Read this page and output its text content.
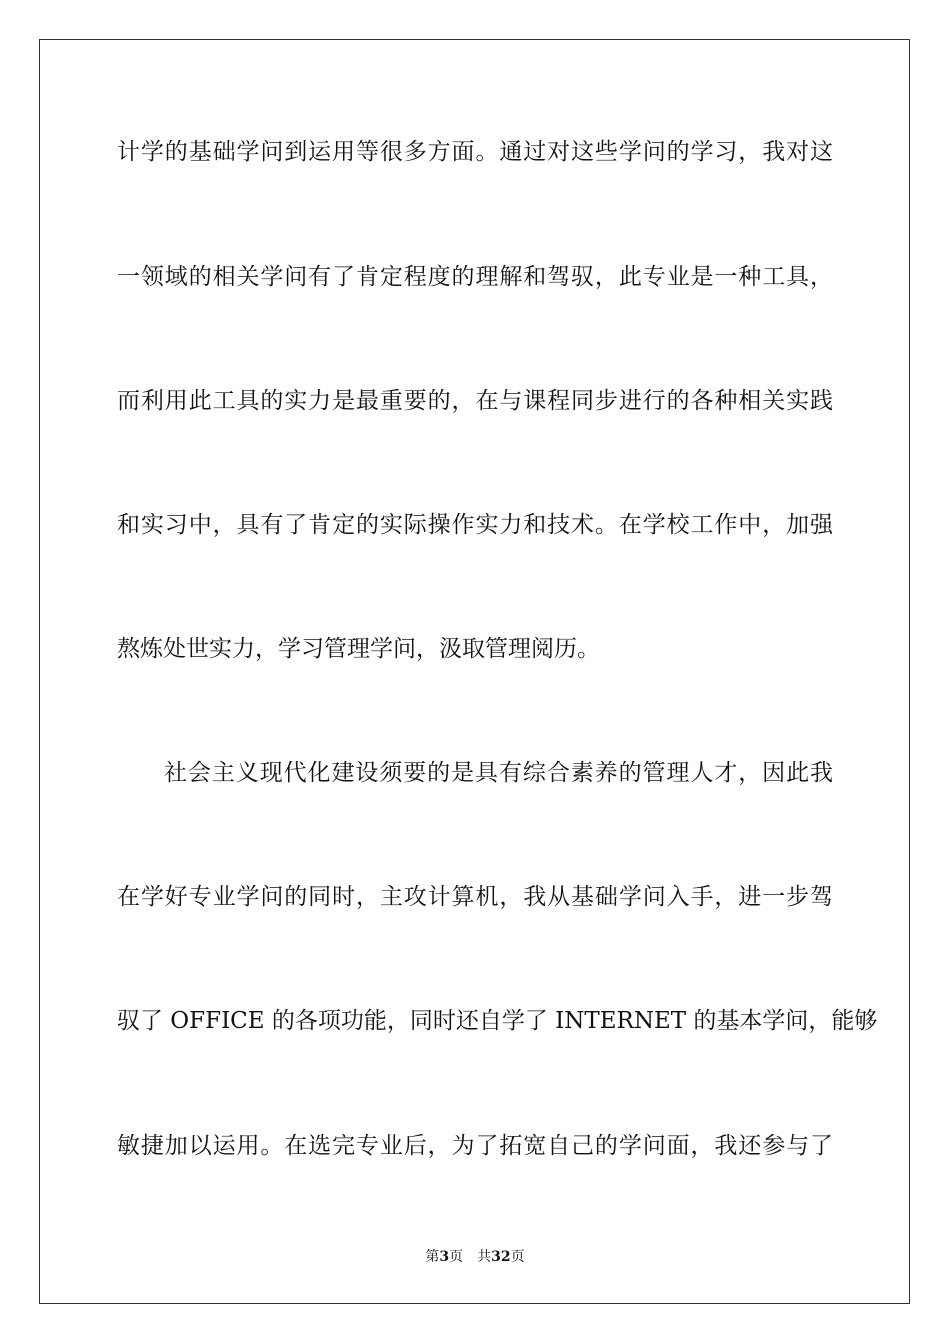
计学的基础学问到运用等很多方面。通过对这些学问的学习，我对这
一领域的相关学问有了肯定程度的理解和驾驭，此专业是一种工具，
而利用此工具的实力是最重要的，在与课程同步进行的各种相关实践
和实习中，具有了肯定的实际操作实力和技术。在学校工作中，加强
熬炼处世实力，学习管理学问，汲取管理阅历。
社会主义现代化建设须要的是具有综合素养的管理人才，因此我
在学好专业学问的同时，主攻计算机，我从基础学问入手，进一步驾
驭了 OFFICE 的各项功能，同时还自学了 INTERNET 的基本学问，能够
敏捷加以运用。在选完专业后，为了拓宽自己的学问面，我还参与了
第3页 共32页
